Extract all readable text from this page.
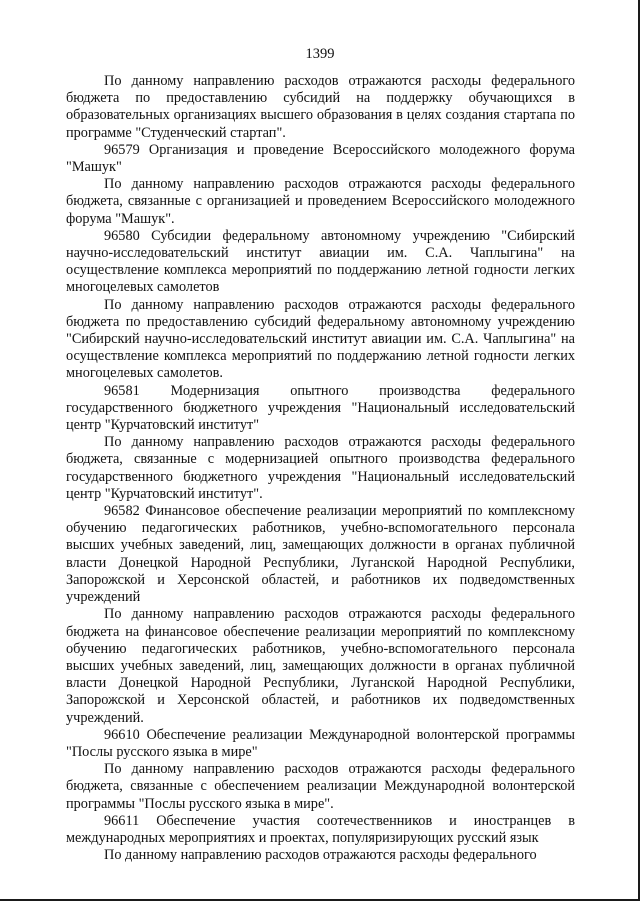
1399

По данному направлению расходов отражаются расходы федерального бюджета по предоставлению субсидий на поддержку обучающихся в образовательных организациях высшего образования в целях создания стартапа по программе "Студенческий стартап".

96579 Организация и проведение Всероссийского молодежного форума "Машук"

По данному направлению расходов отражаются расходы федерального бюджета, связанные с организацией и проведением Всероссийского молодежного форума "Машук".

96580 Субсидии федеральному автономному учреждению "Сибирский научно-исследовательский институт авиации им. С.А. Чаплыгина" на осуществление комплекса мероприятий по поддержанию летной годности легких многоцелевых самолетов

По данному направлению расходов отражаются расходы федерального бюджета по предоставлению субсидий федеральному автономному учреждению "Сибирский научно-исследовательский институт авиации им. С.А. Чаплыгина" на осуществление комплекса мероприятий по поддержанию летной годности легких многоцелевых самолетов.

96581 Модернизация опытного производства федерального государственного бюджетного учреждения "Национальный исследовательский центр "Курчатовский институт"

По данному направлению расходов отражаются расходы федерального бюджета, связанные с модернизацией опытного производства федерального государственного бюджетного учреждения "Национальный исследовательский центр "Курчатовский институт".

96582 Финансовое обеспечение реализации мероприятий по комплексному обучению педагогических работников, учебно-вспомогательного персонала высших учебных заведений, лиц, замещающих должности в органах публичной власти Донецкой Народной Республики, Луганской Народной Республики, Запорожской и Херсонской областей, и работников их подведомственных учреждений

По данному направлению расходов отражаются расходы федерального бюджета на финансовое обеспечение реализации мероприятий по комплексному обучению педагогических работников, учебно-вспомогательного персонала высших учебных заведений, лиц, замещающих должности в органах публичной власти Донецкой Народной Республики, Луганской Народной Республики, Запорожской и Херсонской областей, и работников их подведомственных учреждений.

96610 Обеспечение реализации Международной волонтерской программы "Послы русского языка в мире"

По данному направлению расходов отражаются расходы федерального бюджета, связанные с обеспечением реализации Международной волонтерской программы "Послы русского языка в мире".

96611 Обеспечение участия соотечественников и иностранцев в международных мероприятиях и проектах, популяризирующих русский язык

По данному направлению расходов отражаются расходы федерального
